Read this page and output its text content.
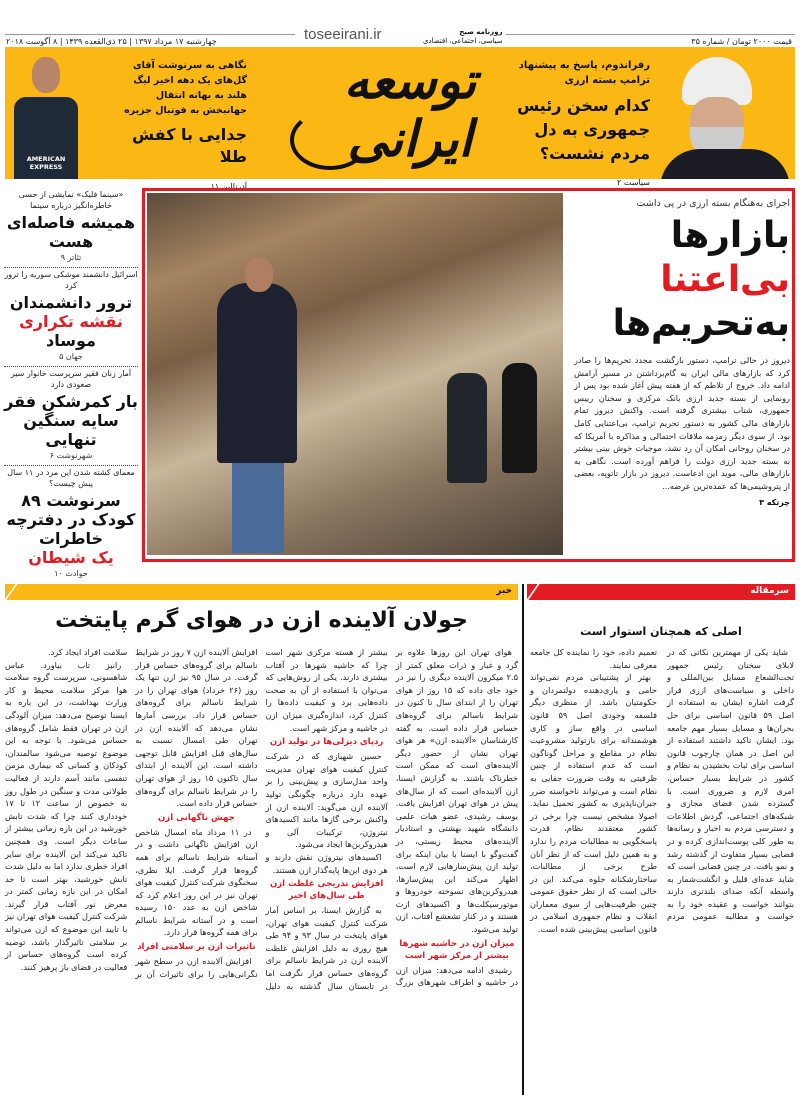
چهارشنبه ۱۷ مرداد ۱۳۹۷ | ۲۵ ذی‌القعده ۱۴۳۹ | ۸ آگوست ۲۰۱۸	قیمت ۲۰۰۰ تومان / شماره ۳۵
توسعه ایرانی
toseeirani.ir	روزنامه صبح
سیاسی، اجتماعی، اقتصادی
رفراندوم، پاسخ به پیشنهاد ترامپ بسته ارزی
کدام سخن رئیس جمهوری به دل مردم نشست؟
سیاست ۲
AMERICAN EXPRESS
نگاهی به سرنوشت آقای گل‌های یک دهه اخیر لیگ هلند به بهانه انتقال جهانبخش به فوتبال جزیره
جدایی با کفش طلا
آدرنالین ۱۱
«سینما فلیک» نمایشی از حسی خاطره‌انگیز درباره سینما
همیشه فاصله‌ای هست
تئاتر ۹
اسرائیل دانشمند موشکی سوریه را ترور کرد
ترور دانشمندان
نقشه تکراری موساد
جهان ۵
آمار زنان فقیر سرپرست خانوار سیر صعودی دارد
بار کمرشکن فقر سایه سنگین تنهایی
شهرنوشت ۶
معمای کشته شدن این مرد در ۱۱ سال پیش چیست؟
سرنوشت ۸۹ کودک در دفترچه خاطرات
یک شیطان
حوادث ۱۰
اجرای به‌هنگام بسته ارزی در پی داشت
بازارها
بی‌اعتنا
به‌تحریم‌ها
دیروز در حالی ترامپ، دستور بازگشت مجدد تحریم‌ها را صادر کرد که بازارهای مالی ایران به گام‌برداشتن در مسیر آرامش ادامه داد. خروج از تلاطم که از هفته پیش آغاز شده بود پس از رونمایی از بسته جدید ارزی بانک مرکزی و سخنان رییس جمهوری، شتاب بیشتری گرفته است. واکنش دیروز تمام بازارهای مالی کشور به دستور تحریم ترامپ، بی‌اعتنایی کامل بود. از سوی دیگر زمزمه ملاقات احتمالی و مذاکره با آمریکا که در سخنان روحانی امکان آن رد نشد، موجبات خوش بینی بیشتر به بسته جدید ارزی دولت را فراهم آورده است. نگاهی به بازارهای مالی، موید این ادعاست. دیروز در بازار تاتوپه، بعضی از پتروشیمی‌ها که عمده‌ترین عرضه...
چرتکه ۳
خبر	سرمقاله
جولان آلاینده ازن در هوای گرم پایتخت

هوای تهران این روزها علاوه بر گرد و غبار و ذرات معلق کمتر از ۲.۵ میکرون آلاینده دیگری را نیز در خود جای داده که ۱۵ روز از هوای تهران را از ابتدای سال تا کنون در شرایط ناسالم برای گروه‌های حساس قرار داده است. به گفته کارشناسان «آلاینده ازن» هر هوای تهران نشان از حضور دیگر آلاینده‌های است که ممکن است خطرناک باشند. به گزارش ایسنا، ازن آلاینده‌ای است که از سال‌های پیش در هوای تهران افزایش یافت. یوسف رشیدی، عضو هیات علمی دانشگاه شهید بهشتی و استادیار آلاینده‌های محیط زیستی، در گفت‌وگو با ایسنا با بیان اینکه برای تولید ازن پیش‌سازهایی لازم است، اظهار می‌کند این پیش‌سازها، هیدروکربن‌های نسوخته خودروها و موتورسیکلت‌ها و اکسیدهای ازت هستند و در کنار تشعشع آفتاب، ازن تولید می‌شود.

میزان ازن در حاشیه شهرها بیشتر از مرکز شهر است

رشیدی ادامه می‌دهد: میزان ازن در حاشیه و اطراف شهرهای بزرگ بیشتر از هسته مرکزی شهر است چرا که حاشیه شهرها در آفتاب بیشتری دارند. یکی از روش‌هایی که می‌توان با استفاده از آن به صحت داده‌هایی برد و کیفیت داده‌ها را کنترل کرد، اندازه‌گیری میزان ازن در حاشیه و مرکز شهر است.

ردپای دیزلی‌ها در تولید ازن

حسین شهبازی که در شرکت کنترل کیفیت هوای تهران مدیریت واحد مدل‌سازی و پیش‌بینی را بر عهده دارد درباره چگونگی تولید آلاینده ازن می‌گوید: آلاینده ازن از واکنش برخی گازها مانند اکسیدهای نیتروژن، ترکیبات آلی و هیدروکربن‌ها ایجاد می‌شود.

اکسیدهای نیتروژن نقش دارند و هر دوی این‌ها پایه‌گذار ازن هستند.

افزایش تدریجی غلظت ازن طی سال‌های اخیر

به گزارش ایسنا، بر اساس آمار شرکت کنترل کیفیت هوای تهران، هوای پایتخت در سال ۹۳ و ۹۴ طی هیچ روزی به دلیل افزایش غلظت آلاینده ازن در شرایط ناسالم برای گروه‌های حساس قرار نگرفت اما در تابستان سال گذشته به دلیل افزایش آلاینده ازن ۷ روز در شرایط ناسالم برای گروه‌های حساس قرار گرفت. در سال ۹۵ نیز ازن تنها یک روز (۲۶ خرداد) هوای تهران را در شرایط ناسالم برای گروه‌های حساس قرار داد. بررسی آمارها نشان می‌دهد که آلاینده ازن در تهران طی امسال نسبت به سال‌های قبل افزایش قابل توجهی داشته است. این آلاینده از ابتدای سال تاکنون ۱۵ روز از هوای تهران را در شرایط ناسالم برای گروه‌های حساس قرار داده است.

جهش ناگهانی ازن

در ۱۱ مرداد ماه امسال شاخص ازن افزایش ناگهانی داشت و در آستانه شرایط ناسالم برای همه گروه‌ها قرار گرفت. ایلا نظری، سخنگوی شرکت کنترل کیفیت هوای تهران نیز در این روز اعلام کرد که شاخص ازن به عدد ۱۵۰ رسیده است و در آستانه شرایط ناسالم برای همه گروه‌ها قرار دارد.

تاثیرات ازن بر سلامتی افراد

افزایش آلاینده ازن در سطح شهر نگرانی‌هایی را برای تاثیرات آن بر سلامت افراد ایجاد کرد.

رانیز تاب بیاورد. عباس شاهسونی، سرپرست گروه سلامت هوا مرکز سلامت محیط و کار وزارت بهداشت، در این باره به ایسنا توضیح می‌دهد: میزان آلودگی ازن در تهران فقط شامل گروه‌های حساس می‌شود. با توجه به این موضوع توصیه می‌شود سالمندان، کودکان و کسانی که بیماری مزمن تنفسی مانند آسم دارند از فعالیت طولانی مدت و سنگین در طول روز به خصوص از ساعت ۱۲ تا ۱۷ خودداری کنند چرا که شدت تابش خورشید در این بازه زمانی بیشتر از ساعات دیگر است. وی همچنین تاکید می‌کند این آلاینده برای سایر افراد خطری ندارد اما به دلیل شدت تابش خورشید، بهتر است تا حد امکان در این بازه زمانی کمتر در معرض نور آفتاب قرار گیرند. شرکت کنترل کیفیت هوای تهران نیز با تایید این موضوع که ازن می‌تواند بر سلامتی تاثیرگذار باشد، توصیه کرده است گروه‌های حساس از فعالیت در فضای باز پرهیز کنند.

اصلی که همچنان استوار است

شاید یکی از مهمترین نکاتی که در لابلای سخنان رئیس جمهور تحت‌الشعاع مسایل بین‌المللی و داخلی و سیاست‌های ارزی قرار گرفت اشاره ایشان به استفاده از اصل ۵۹ قانون اساسی برای حل بحران‌ها و مسایل بسیار مهم جامعه بود. ایشان تاکید داشتند استفاده از این اصل در همان چارچوب قانون اساسی برای ثبات بخشیدن به نظام و کشور در شرایط بسیار حساس، امری لازم و ضروری است. با گسترده شدن فضای مجازی و شبکه‌های اجتماعی، گردش اطلاعات و دسترسی مردم به اخبار و رسانه‌ها به طور کلی پوست‌اندازی کرده و در فضایی بسیار متفاوت از گذشته رشد و نمو یافت. در چنین فضایی است که شاید عده‌ای قلیل و انگشت‌شمار به واسطه آنکه صدای بلندتری دارند بتوانند خواست و عقیده خود را به خواست و مطالبه عمومی مردم تعمیم داده، خود را نماینده کل جامعه معرفی نمایند.

بهتر از پشتیبانی مردم نمی‌تواند حامی و یاری‌دهنده دولتمردان و حکومتیان باشد. از منظری دیگر فلسفه وجودی اصل ۵۹ قانون اساسی در واقع ساز و کاری هوشمندانه برای بازتولید مشروعیت نظام در مقاطع و مراحل گوناگون است که عدم استفاده از چنین ظرفیتی به وقت ضرورت جفایی به نظام است و می‌تواند ناخواسته ضرر جبران‌ناپذیری به کشور تحمیل نماید. اصولا مشخص نیست چرا برخی در کشور معتقدند نظام، قدرت پاسخگویی به مطالبات مردم را ندارد و به همین دلیل است که از نظر آنان طرح برخی از مطالبات، ساختارشکنانه جلوه می‌کند. این در حالی است که از نظر حقوق عمومی چنین ظرفیت‌هایی از سوی معماران انقلاب و نظام جمهوری اسلامی در قانون اساسی پیش‌بینی شده است.
